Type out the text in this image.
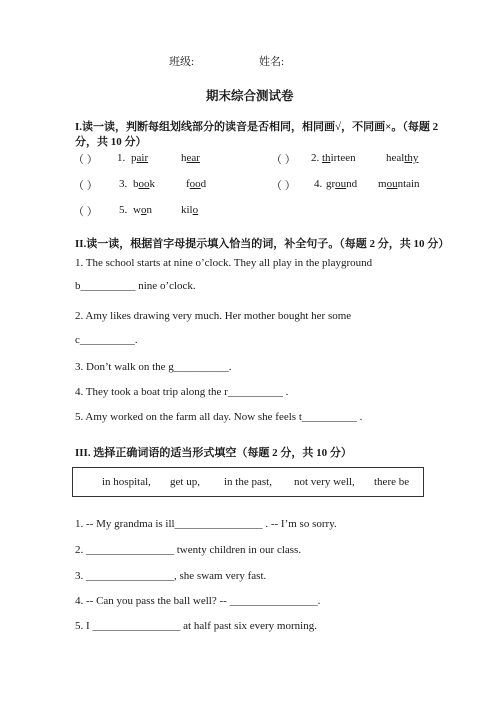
班级:	姓名:
期末综合测试卷
I.读一读，判断每组划线部分的读音是否相同，相同画√，不同画×。（每题 2
分，共 10 分）
（ ） 1. pair	hear	（ ） 2. thirteen	healthy
（ ） 3. book	food	（ ） 4. ground mountain
（ ） 5. won	kilo
II.读一读，根据首字母提示填入恰当的词，补全句子。（每题 2 分，共 10 分）
1. The school starts at nine o’clock. They all play in the playground
b__________ nine o’clock.
2. Amy likes drawing very much. Her mother bought her some
c__________.
3. Don’t walk on the g__________.
4. They took a boat trip along the r__________ .
5. Amy worked on the farm all day. Now she feels t__________ .
III. 选择正确词语的适当形式填空（每题 2 分，共 10 分）
in hospital, get up, in the past, not very well, there be
1. -- My grandma is ill________________ . -- I’m so sorry.
2. ________________ twenty children in our class.
3. ________________, she swam very fast.
4. -- Can you pass the ball well? -- ________________.
5. I ________________ at half past six every morning.
